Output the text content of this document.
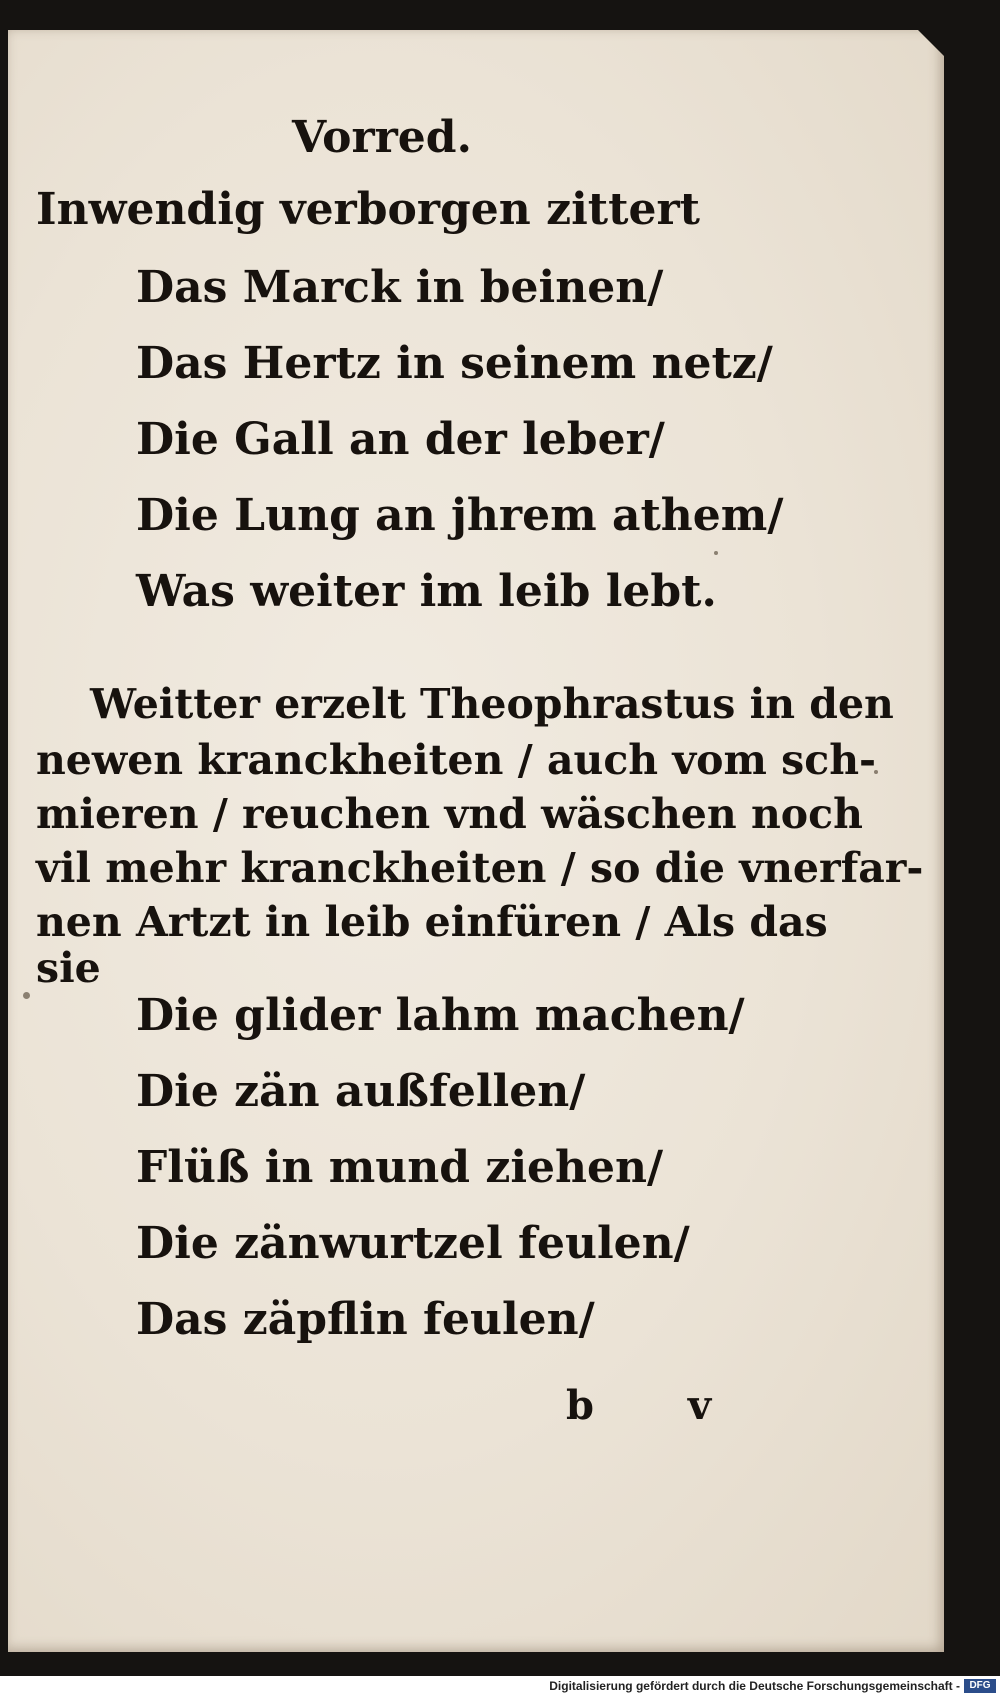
Vorred.
Inwendig verborgen zittert
Das Marck in beinen/
Das Hertz in seinem netz/
Die Gall an der leber/
Die Lung an jhrem athem/
Was weiter im leib lebt.
Weitter erzelt Theophrastus in den
newen kranckheiten / auch vom sch-
mieren / reuchen vnd wäschen noch
vil mehr kranckheiten / so die vnerfar-
nen Artzt in leib einfüren / Als das
sie
Die glider lahm machen/
Die zän außfellen/
Flüß in mund ziehen/
Die zänwurtzel feulen/
Das zäpflin feulen/
b v
Digitalisierung gefördert durch die Deutsche Forschungsgemeinschaft - DFG
